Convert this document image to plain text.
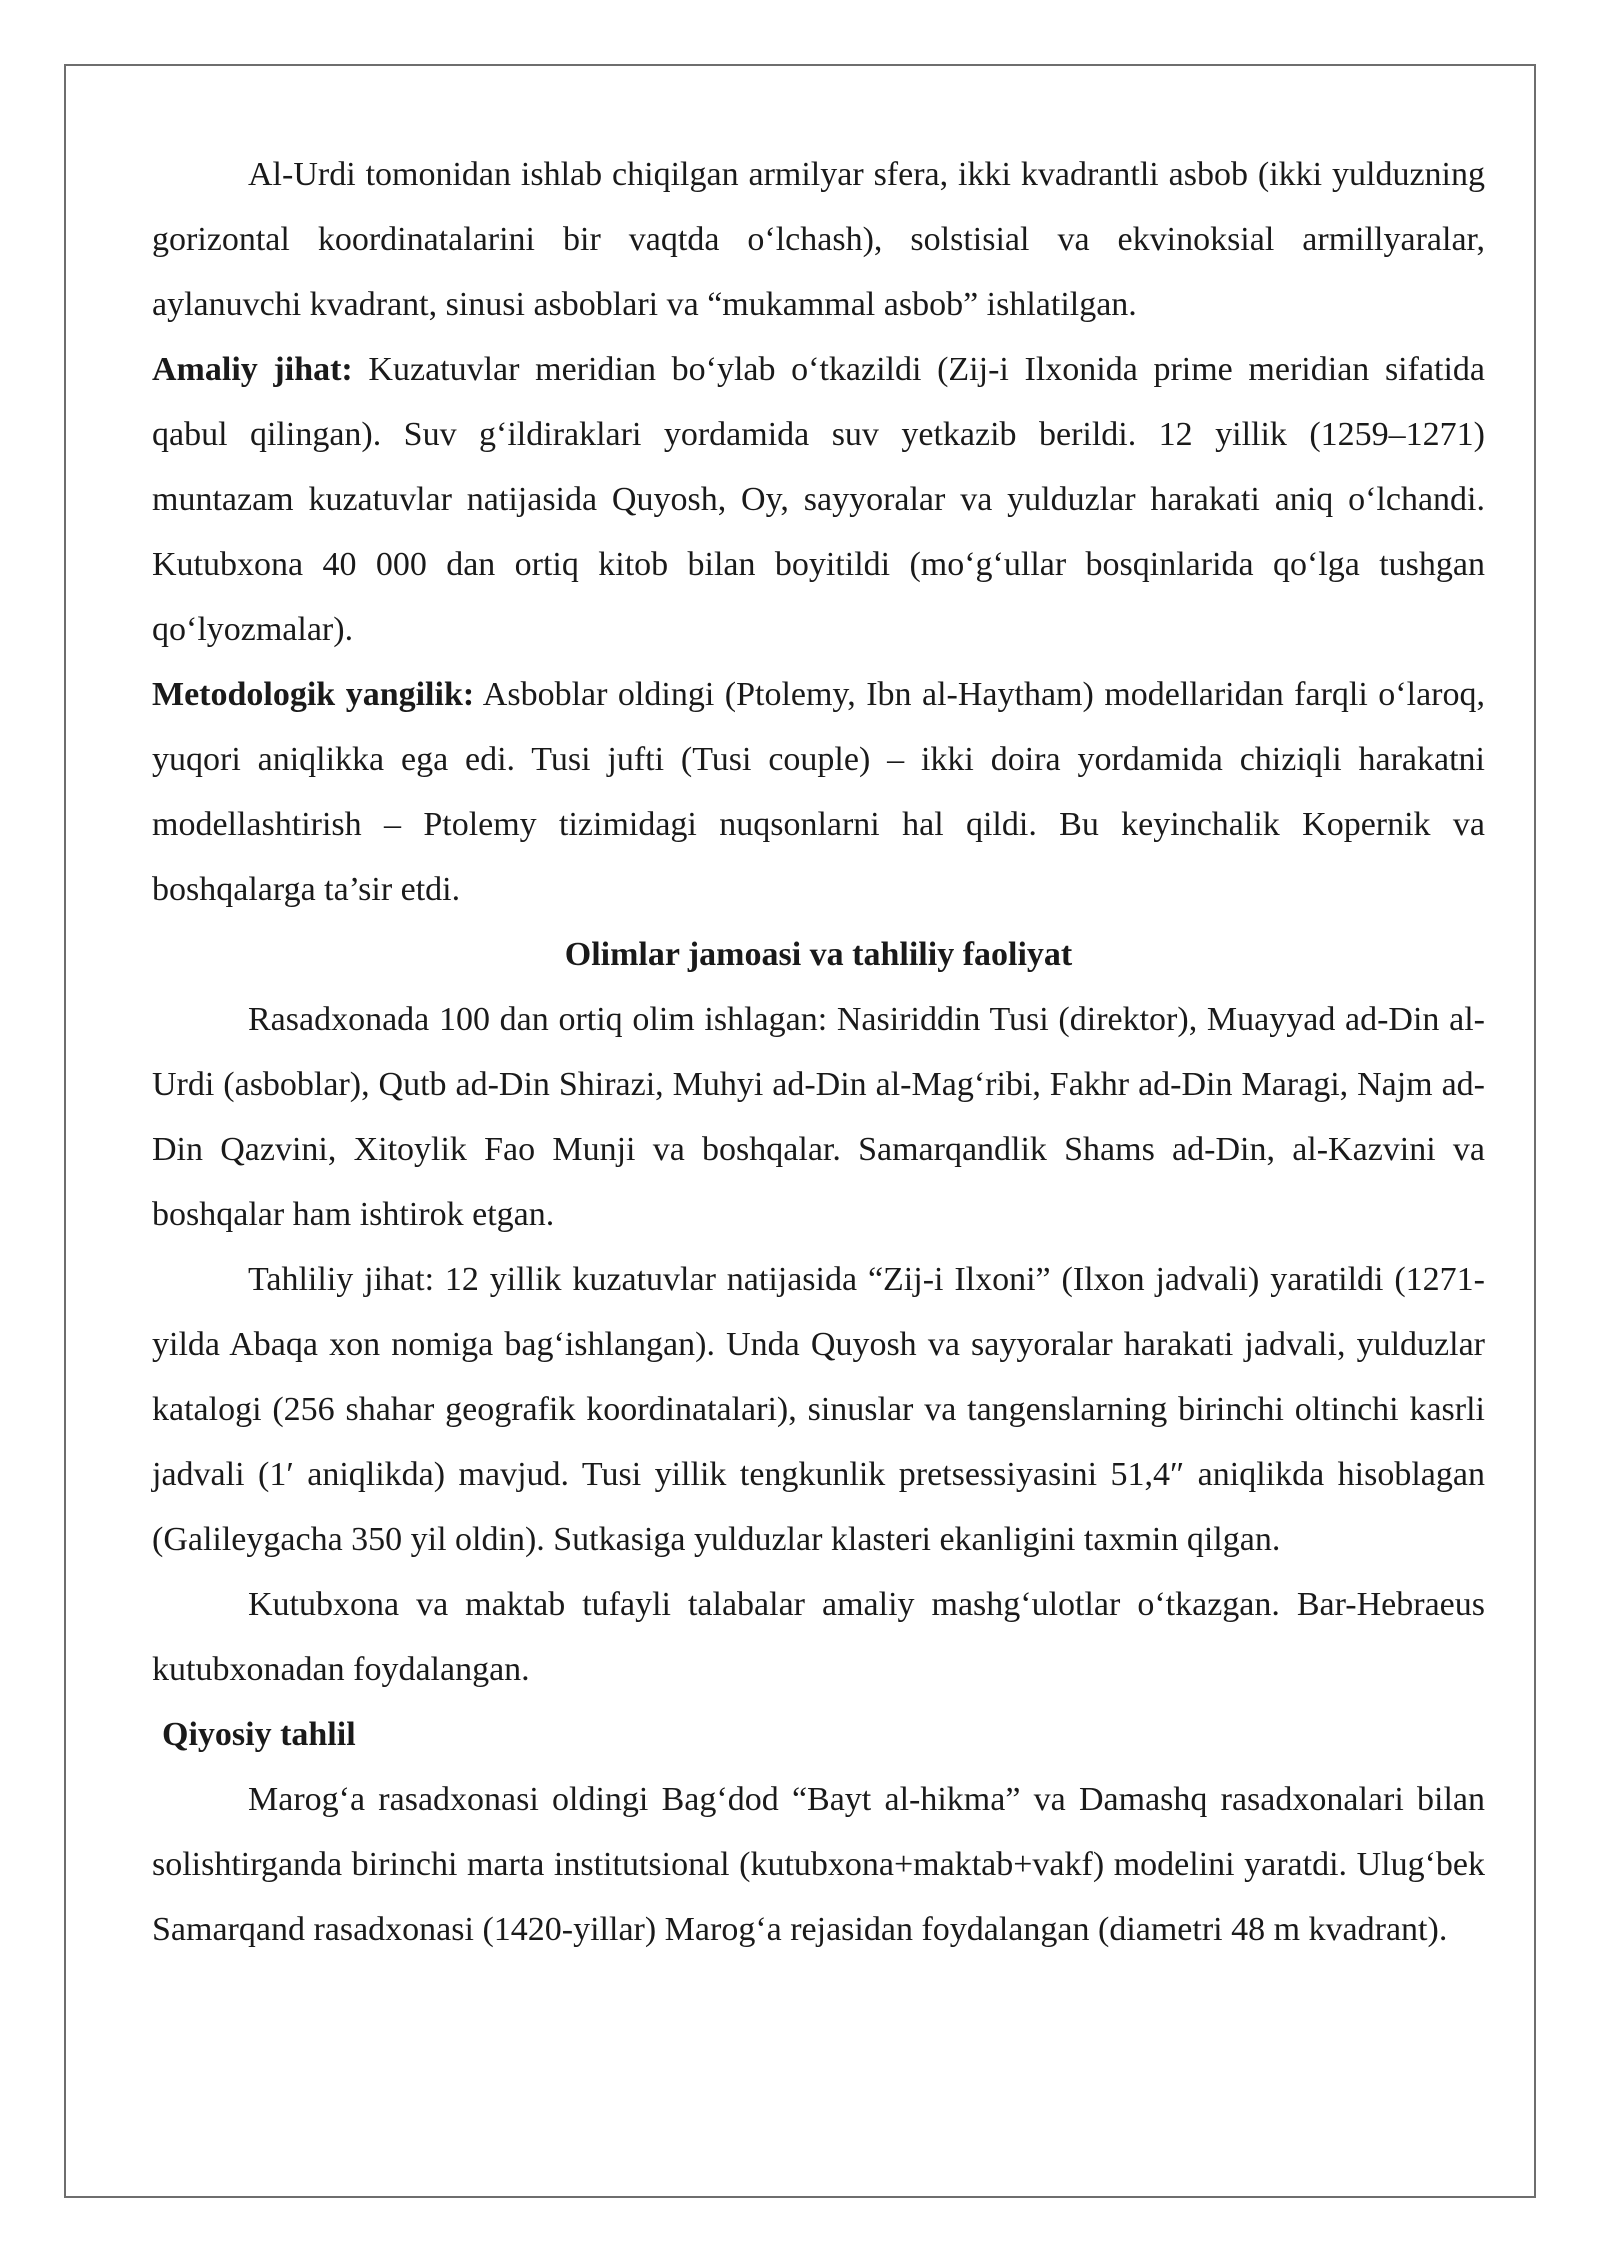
Al-Urdi tomonidan ishlab chiqilgan armilyar sfera, ikki kvadrantli asbob (ikki yulduzning gorizontal koordinatalarini bir vaqtda o‘lchash), solstisial va ekvinoksial armillyaralar, aylanuvchi kvadrant, sinusi asboblari va “mukammal asbob” ishlatilgan.

Amaliy jihat: Kuzatuvlar meridian bo‘ylab o‘tkazildi (Zij-i Ilxonida prime meridian sifatida qabul qilingan). Suv g‘ildiraklari yordamida suv yetkazib berildi. 12 yillik (1259–1271) muntazam kuzatuvlar natijasida Quyosh, Oy, sayyoralar va yulduzlar harakati aniq o‘lchandi. Kutubxona 40 000 dan ortiq kitob bilan boyitildi (mo‘g‘ullar bosqinlarida qo‘lga tushgan qo‘lyozmalar).

Metodologik yangilik: Asboblar oldingi (Ptolemy, Ibn al-Haytham) modellaridan farqli o‘laroq, yuqori aniqlikka ega edi. Tusi jufti (Tusi couple) – ikki doira yordamida chiziqli harakatni modellashtirish – Ptolemy tizimidagi nuqsonlarni hal qildi. Bu keyinchalik Kopernik va boshqalarga ta’sir etdi.

Olimlar jamoasi va tahliliy faoliyat

Rasadxonada 100 dan ortiq olim ishlagan: Nasiriddin Tusi (direktor), Muayyad ad-Din al-Urdi (asboblar), Qutb ad-Din Shirazi, Muhyi ad-Din al-Mag‘ribi, Fakhr ad-Din Maragi, Najm ad-Din Qazvini, Xitoylik Fao Munji va boshqalar. Samarqandlik Shams ad-Din, al-Kazvini va boshqalar ham ishtirok etgan.

Tahliliy jihat: 12 yillik kuzatuvlar natijasida “Zij-i Ilxoni” (Ilxon jadvali) yaratildi (1271-yilda Abaqa xon nomiga bag‘ishlangan). Unda Quyosh va sayyoralar harakati jadvali, yulduzlar katalogi (256 shahar geografik koordinatalari), sinuslar va tangenslarning birinchi oltinchi kasrli jadvali (1′ aniqlikda) mavjud. Tusi yillik tengkunlik pretsessiyasini 51,4″ aniqlikda hisoblagan (Galileygacha 350 yil oldin). Sutkasiga yulduzlar klasteri ekanligini taxmin qilgan.

Kutubxona va maktab tufayli talabalar amaliy mashg‘ulotlar o‘tkazgan. Bar-Hebraeus kutubxonadan foydalangan.

Qiyosiy tahlil

Marog‘a rasadxonasi oldingi Bag‘dod “Bayt al-hikma” va Damashq rasadxonalari bilan solishtirganda birinchi marta institutsional (kutubxona+maktab+vakf) modelini yaratdi. Ulug‘bek Samarqand rasadxonasi (1420-yillar) Marog‘a rejasidan foydalangan (diametri 48 m kvadrant).
